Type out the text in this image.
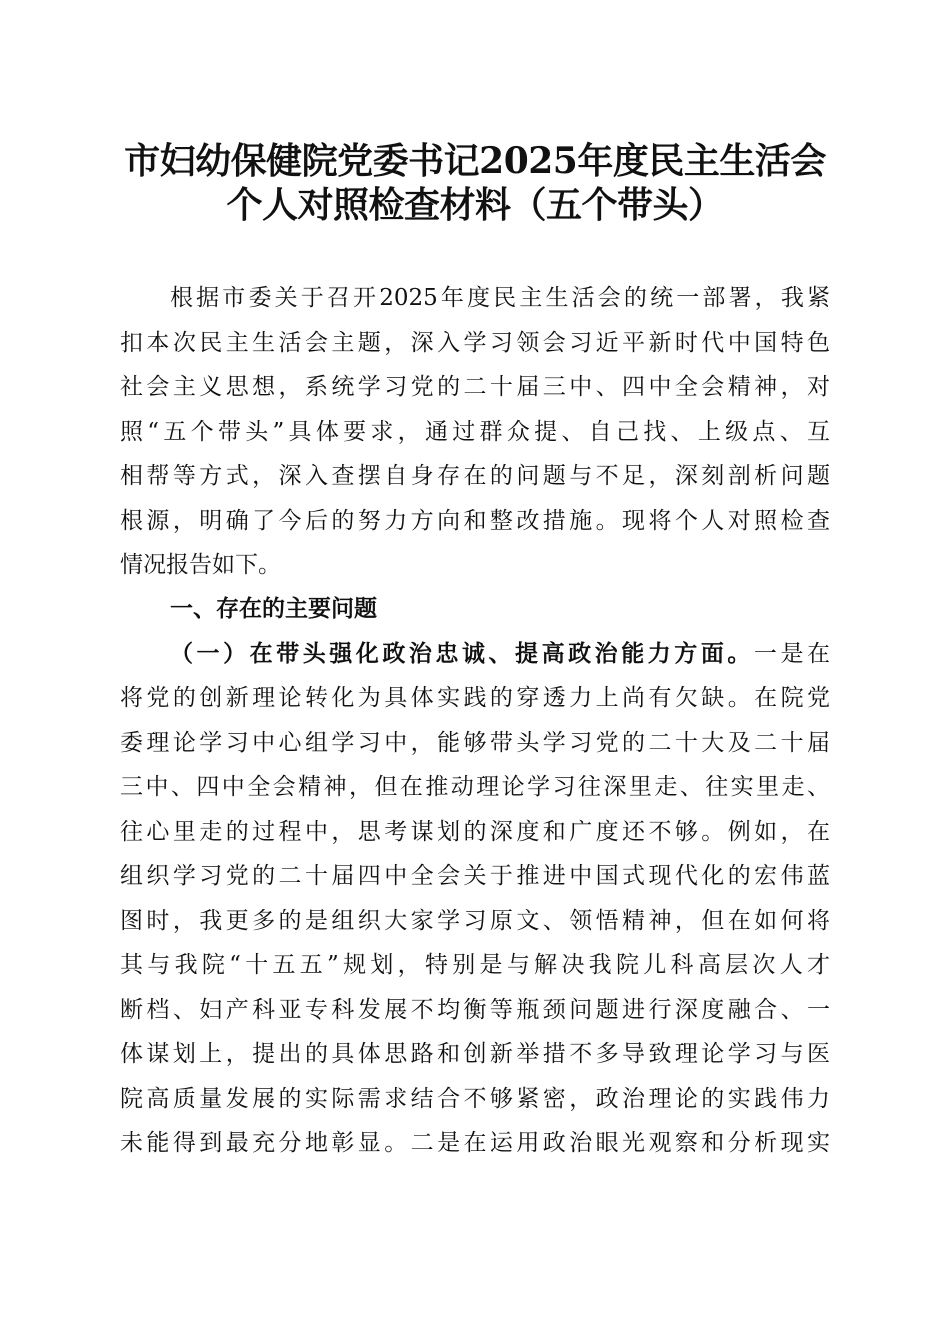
市妇幼保健院党委书记2025年度民主生活会
个人对照检查材料（五个带头）
根据市委关于召开2025年度民主生活会的统一部署，我紧
扣本次民主生活会主题，深入学习领会习近平新时代中国特色
社会主义思想，系统学习党的二十届三中、四中全会精神，对
照“五个带头”具体要求，通过群众提、自己找、上级点、互
相帮等方式，深入查摆自身存在的问题与不足，深刻剖析问题
根源，明确了今后的努力方向和整改措施。现将个人对照检查
情况报告如下。
一、存在的主要问题
（一）在带头强化政治忠诚、提高政治能力方面。一是在
将党的创新理论转化为具体实践的穿透力上尚有欠缺。在院党
委理论学习中心组学习中，能够带头学习党的二十大及二十届
三中、四中全会精神，但在推动理论学习往深里走、往实里走、
往心里走的过程中，思考谋划的深度和广度还不够。例如，在
组织学习党的二十届四中全会关于推进中国式现代化的宏伟蓝
图时，我更多的是组织大家学习原文、领悟精神，但在如何将
其与我院“十五五”规划，特别是与解决我院儿科高层次人才
断档、妇产科亚专科发展不均衡等瓶颈问题进行深度融合、一
体谋划上，提出的具体思路和创新举措不多导致理论学习与医
院高质量发展的实际需求结合不够紧密，政治理论的实践伟力
未能得到最充分地彰显。二是在运用政治眼光观察和分析现实
